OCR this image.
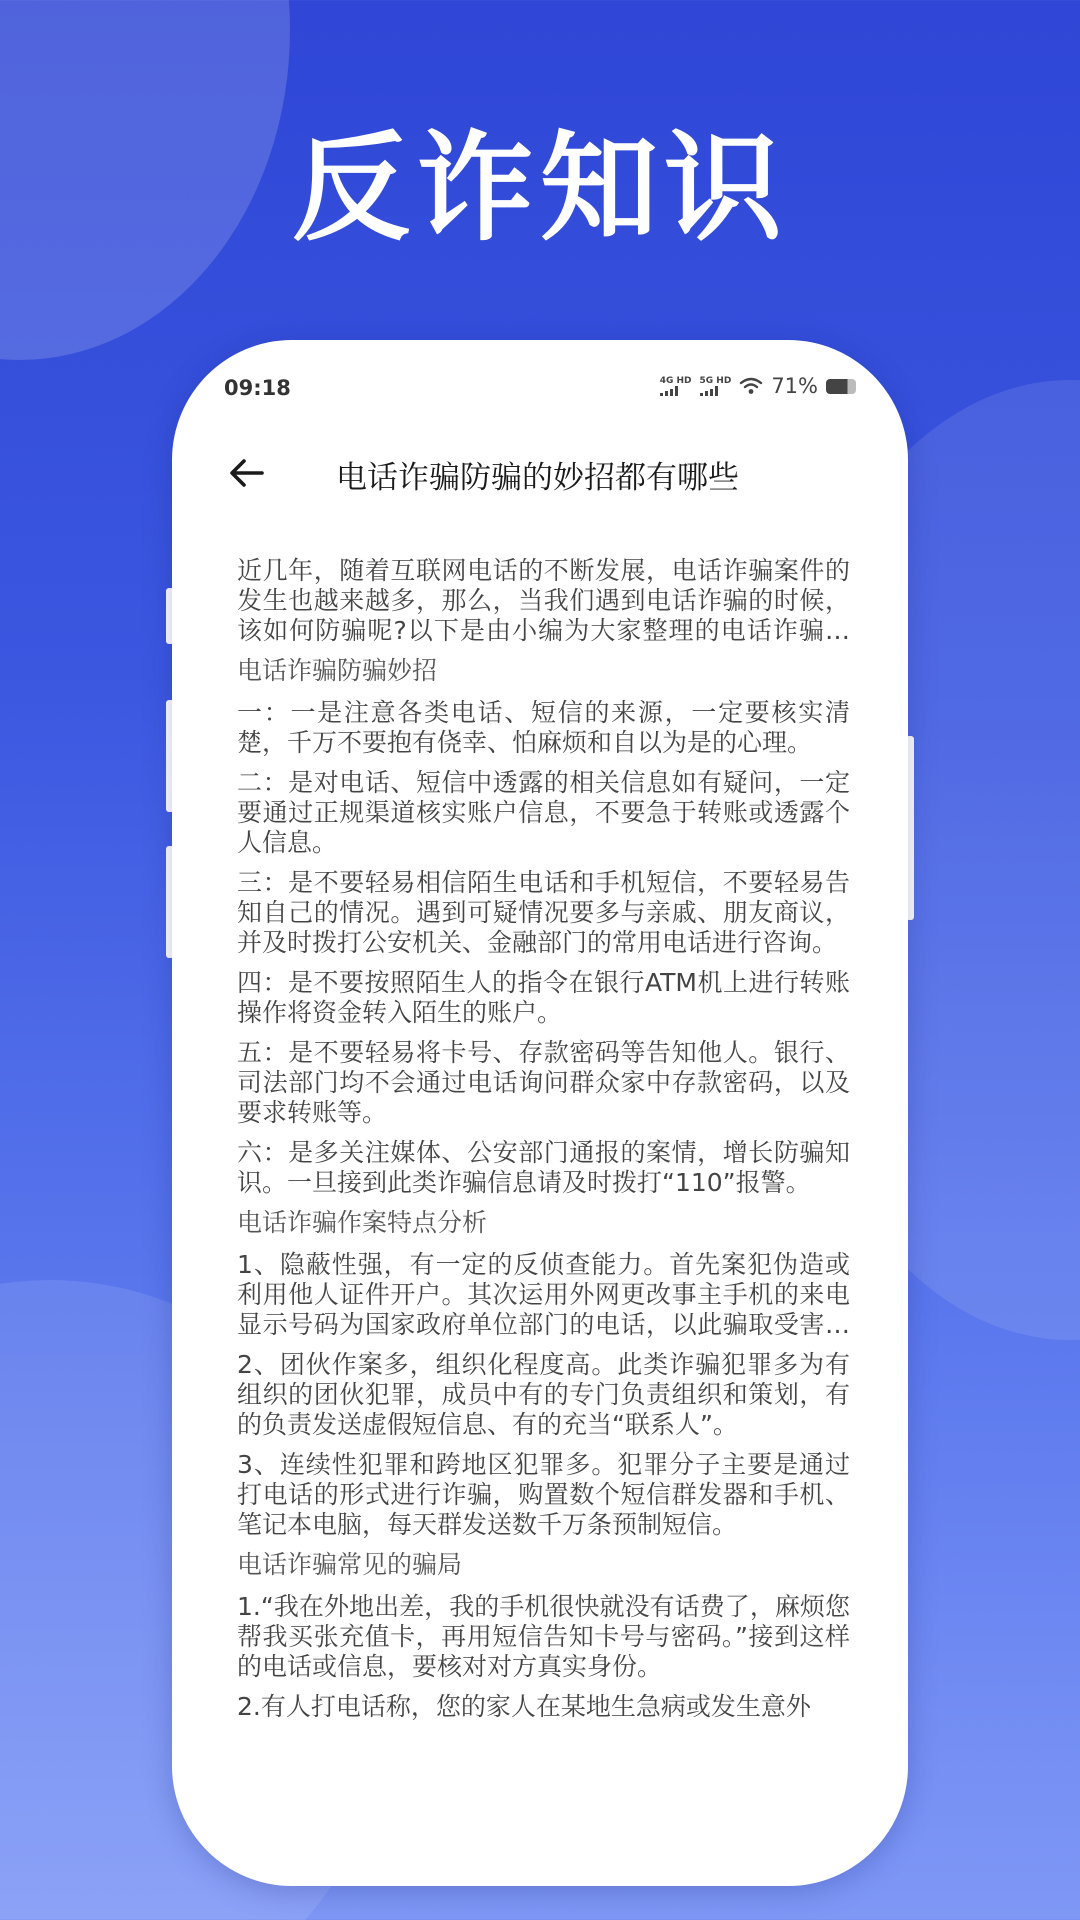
反诈知识
09:18	4G HD 5G HD 71%
电话诈骗防骗的妙招都有哪些

近几年，随着互联网电话的不断发展，电话诈骗案件的发生也越来越多，那么，当我们遇到电话诈骗的时候，该如何防骗呢?以下是由小编为大家整理的电话诈骗防

电话诈骗防骗妙招

一：一是注意各类电话、短信的来源，一定要核实清楚，千万不要抱有侥幸、怕麻烦和自以为是的心理。

二：是对电话、短信中透露的相关信息如有疑问，一定要通过正规渠道核实账户信息，不要急于转账或透露个人信息。

三：是不要轻易相信陌生电话和手机短信，不要轻易告知自己的情况。遇到可疑情况要多与亲戚、朋友商议，并及时拨打公安机关、金融部门的常用电话进行咨询。

四：是不要按照陌生人的指令在银行ATM机上进行转账操作将资金转入陌生的账户。

五：是不要轻易将卡号、存款密码等告知他人。银行、司法部门均不会通过电话询问群众家中存款密码，以及要求转账等。

六：是多关注媒体、公安部门通报的案情，增长防骗知识。一旦接到此类诈骗信息请及时拨打“110”报警。

电话诈骗作案特点分析

1、隐蔽性强，有一定的反侦查能力。首先案犯伪造或利用他人证件开户。其次运用外网更改事主手机的来电显示号码为国家政府单位部门的电话，以此骗取受害人

2、团伙作案多，组织化程度高。此类诈骗犯罪多为有组织的团伙犯罪，成员中有的专门负责组织和策划，有的负责发送虚假短信息、有的充当“联系人”。

3、连续性犯罪和跨地区犯罪多。犯罪分子主要是通过打电话的形式进行诈骗，购置数个短信群发器和手机、笔记本电脑，每天群发送数千万条预制短信。

电话诈骗常见的骗局

1.“我在外地出差，我的手机很快就没有话费了，麻烦您帮我买张充值卡，再用短信告知卡号与密码。”接到这样的电话或信息，要核对对方真实身份。

2.有人打电话称，您的家人在某地生急病或发生意外
